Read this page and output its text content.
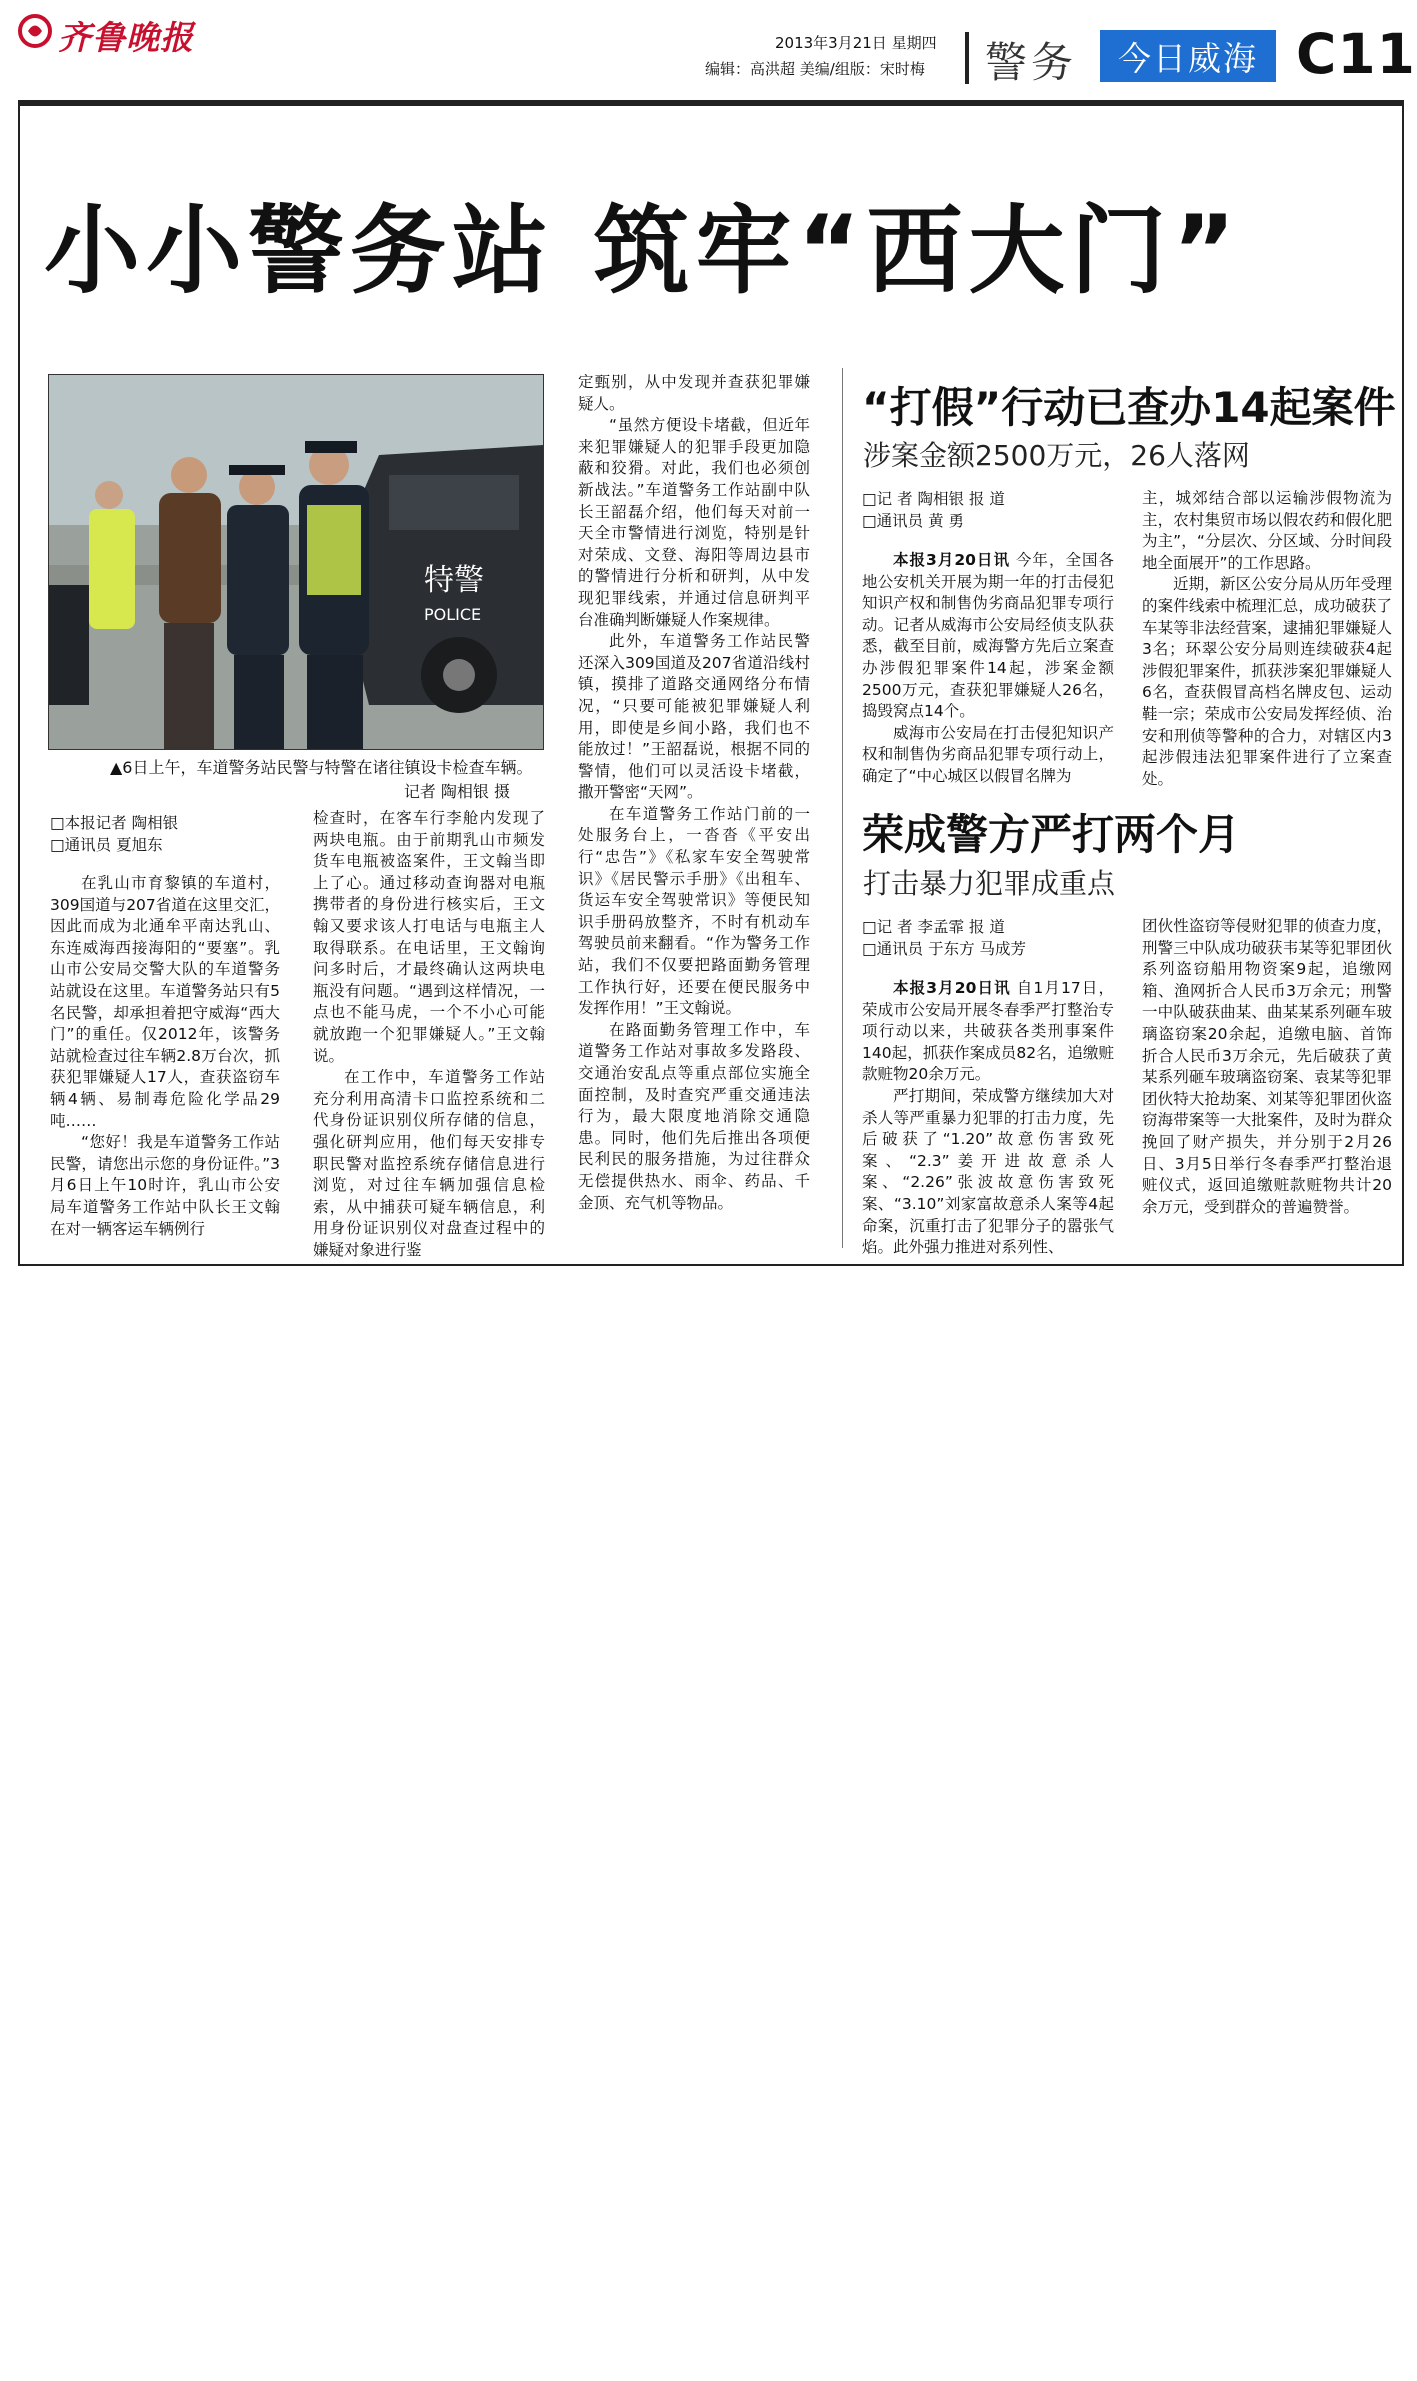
齐鲁晚报	2013年3月21日 星期四
编辑：高洪超 美编/组版：宋时梅 警务	今日威海 C11
小小警务站 筑牢“西大门”
特警
POLICE
▲6日上午，车道警务站民警与特警在诸往镇设卡检查车辆。
记者 陶相银 摄
□本报记者 陶相银
□通讯员 夏旭东

在乳山市育黎镇的车道村，309国道与207省道在这里交汇，因此而成为北通牟平南达乳山、东连威海西接海阳的“要塞”。乳山市公安局交警大队的车道警务站就设在这里。车道警务站只有5名民警，却承担着把守威海“西大门”的重任。仅2012年，该警务站就检查过往车辆2.8万台次，抓获犯罪嫌疑人17人，查获盗窃车辆4辆、易制毒危险化学品29吨……

“您好！我是车道警务工作站民警，请您出示您的身份证件。”3月6日上午10时许，乳山市公安局车道警务工作站中队长王文翰在对一辆客运车辆例行

检查时，在客车行李舱内发现了两块电瓶。由于前期乳山市频发货车电瓶被盗案件，王文翰当即上了心。通过移动查询器对电瓶携带者的身份进行核实后，王文翰又要求该人打电话与电瓶主人取得联系。在电话里，王文翰询问多时后，才最终确认这两块电瓶没有问题。“遇到这样情况，一点也不能马虎，一个不小心可能就放跑一个犯罪嫌疑人。”王文翰说。

在工作中，车道警务工作站充分利用高清卡口监控系统和二代身份证识别仪所存储的信息，强化研判应用，他们每天安排专职民警对监控系统存储信息进行浏览，对过往车辆加强信息检索，从中捕获可疑车辆信息，利用身份证识别仪对盘查过程中的嫌疑对象进行鉴

定甄别，从中发现并查获犯罪嫌疑人。

“虽然方便设卡堵截，但近年来犯罪嫌疑人的犯罪手段更加隐蔽和狡猾。对此，我们也必须创新战法。”车道警务工作站副中队长王韶磊介绍，他们每天对前一天全市警情进行浏览，特别是针对荣成、文登、海阳等周边县市的警情进行分析和研判，从中发现犯罪线索，并通过信息研判平台准确判断嫌疑人作案规律。

此外，车道警务工作站民警还深入309国道及207省道沿线村镇，摸排了道路交通网络分布情况，“只要可能被犯罪嫌疑人利用，即使是乡间小路，我们也不能放过！”王韶磊说，根据不同的警情，他们可以灵活设卡堵截，撒开警密“天网”。

在车道警务工作站门前的一处服务台上，一沓沓《平安出行“忠告”》《私家车安全驾驶常识》《居民警示手册》《出租车、货运车安全驾驶常识》等便民知识手册码放整齐，不时有机动车驾驶员前来翻看。“作为警务工作站，我们不仅要把路面勤务管理工作执行好，还要在便民服务中发挥作用！”王文翰说。

在路面勤务管理工作中，车道警务工作站对事故多发路段、交通治安乱点等重点部位实施全面控制，及时查究严重交通违法行为，最大限度地消除交通隐患。同时，他们先后推出各项便民利民的服务措施，为过往群众无偿提供热水、雨伞、药品、千金顶、充气机等物品。

“打假”行动已查办14起案件
涉案金额2500万元，26人落网
□记 者 陶相银 报 道
□通讯员 黄 勇

本报3月20日讯 今年，全国各地公安机关开展为期一年的打击侵犯知识产权和制售伪劣商品犯罪专项行动。记者从威海市公安局经侦支队获悉，截至目前，威海警方先后立案查办涉假犯罪案件14起，涉案金额2500万元，查获犯罪嫌疑人26名，捣毁窝点14个。

威海市公安局在打击侵犯知识产权和制售伪劣商品犯罪专项行动上，确定了“中心城区以假冒名牌为

主，城郊结合部以运输涉假物流为主，农村集贸市场以假农药和假化肥为主”，“分层次、分区域、分时间段地全面展开”的工作思路。

近期，新区公安分局从历年受理的案件线索中梳理汇总，成功破获了车某等非法经营案，逮捕犯罪嫌疑人3名；环翠公安分局则连续破获4起涉假犯罪案件，抓获涉案犯罪嫌疑人6名，查获假冒高档名牌皮包、运动鞋一宗；荣成市公安局发挥经侦、治安和刑侦等警种的合力，对辖区内3起涉假违法犯罪案件进行了立案查处。

荣成警方严打两个月
打击暴力犯罪成重点
□记 者 李孟霏 报 道
□通讯员 于东方 马成芳

本报3月20日讯 自1月17日，荣成市公安局开展冬春季严打整治专项行动以来，共破获各类刑事案件140起，抓获作案成员82名，追缴赃款赃物20余万元。

严打期间，荣成警方继续加大对杀人等严重暴力犯罪的打击力度，先后破获了“1.20”故意伤害致死案、“2.3”姜开进故意杀人案、“2.26”张波故意伤害致死案、“3.10”刘家富故意杀人案等4起命案，沉重打击了犯罪分子的嚣张气焰。此外强力推进对系列性、

团伙性盗窃等侵财犯罪的侦查力度，刑警三中队成功破获韦某等犯罪团伙系列盗窃船用物资案9起，追缴网箱、渔网折合人民币3万余元；刑警一中队破获曲某、曲某某系列砸车玻璃盗窃案20余起，追缴电脑、首饰折合人民币3万余元，先后破获了黄某系列砸车玻璃盗窃案、袁某等犯罪团伙特大抢劫案、刘某等犯罪团伙盗窃海带案等一大批案件，及时为群众挽回了财产损失，并分别于2月26日、3月5日举行冬春季严打整治退赃仪式，返回追缴赃款赃物共计20余万元，受到群众的普遍赞誉。
